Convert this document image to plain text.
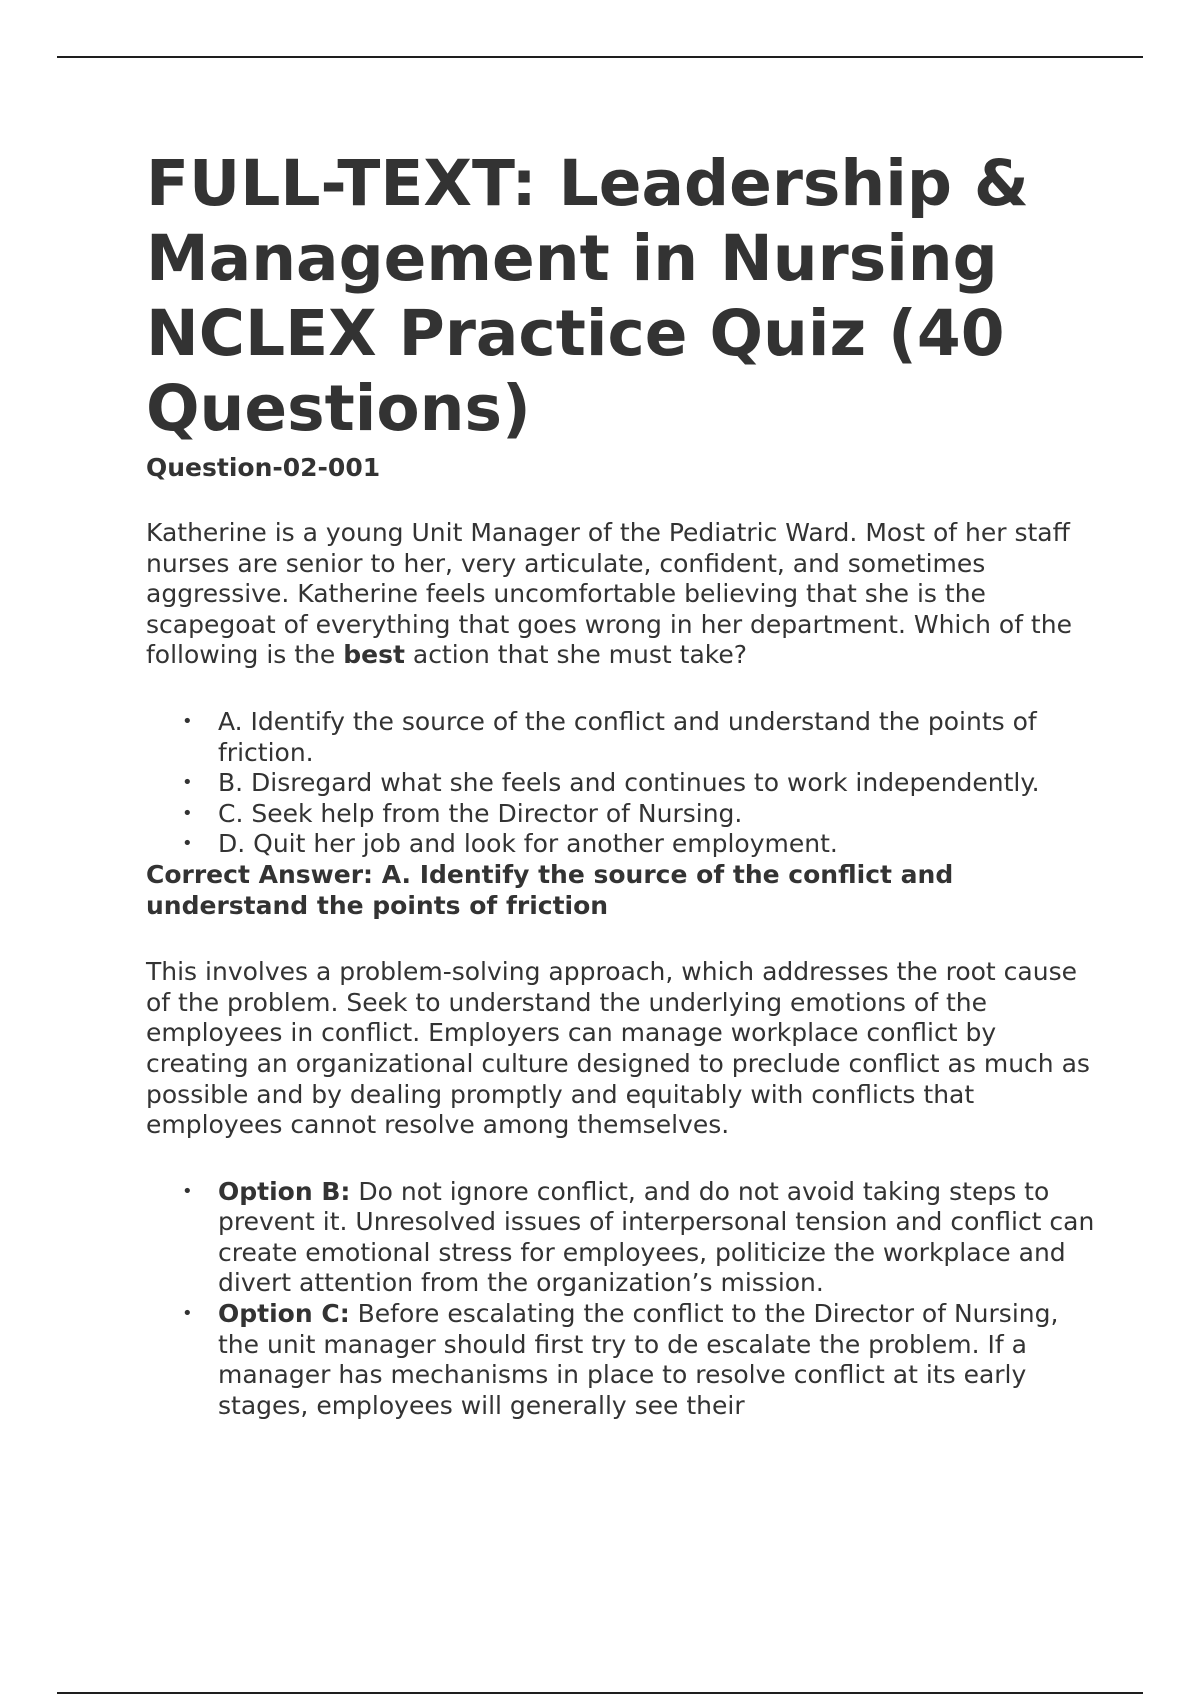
FULL-TEXT: Leadership & Management in Nursing NCLEX Practice Quiz (40 Questions)
Question-02-001

Katherine is a young Unit Manager of the Pediatric Ward. Most of her staff nurses are senior to her, very articulate, confident, and sometimes aggressive. Katherine feels uncomfortable believing that she is the scapegoat of everything that goes wrong in her department. Which of the following is the best action that she must take?

• A. Identify the source of the conflict and understand the points of friction.
• B. Disregard what she feels and continues to work independently.
• C. Seek help from the Director of Nursing.
• D. Quit her job and look for another employment.

Correct Answer: A. Identify the source of the conflict and understand the points of friction

This involves a problem-solving approach, which addresses the root cause of the problem. Seek to understand the underlying emotions of the employees in conflict. Employers can manage workplace conflict by creating an organizational culture designed to preclude conflict as much as possible and by dealing promptly and equitably with conflicts that employees cannot resolve among themselves.

• Option B: Do not ignore conflict, and do not avoid taking steps to prevent it. Unresolved issues of interpersonal tension and conflict can create emotional stress for employees, politicize the workplace and divert attention from the organization’s mission.
• Option C: Before escalating the conflict to the Director of Nursing, the unit manager should first try to de escalate the problem. If a manager has mechanisms in place to resolve conflict at its early stages, employees will generally see their
